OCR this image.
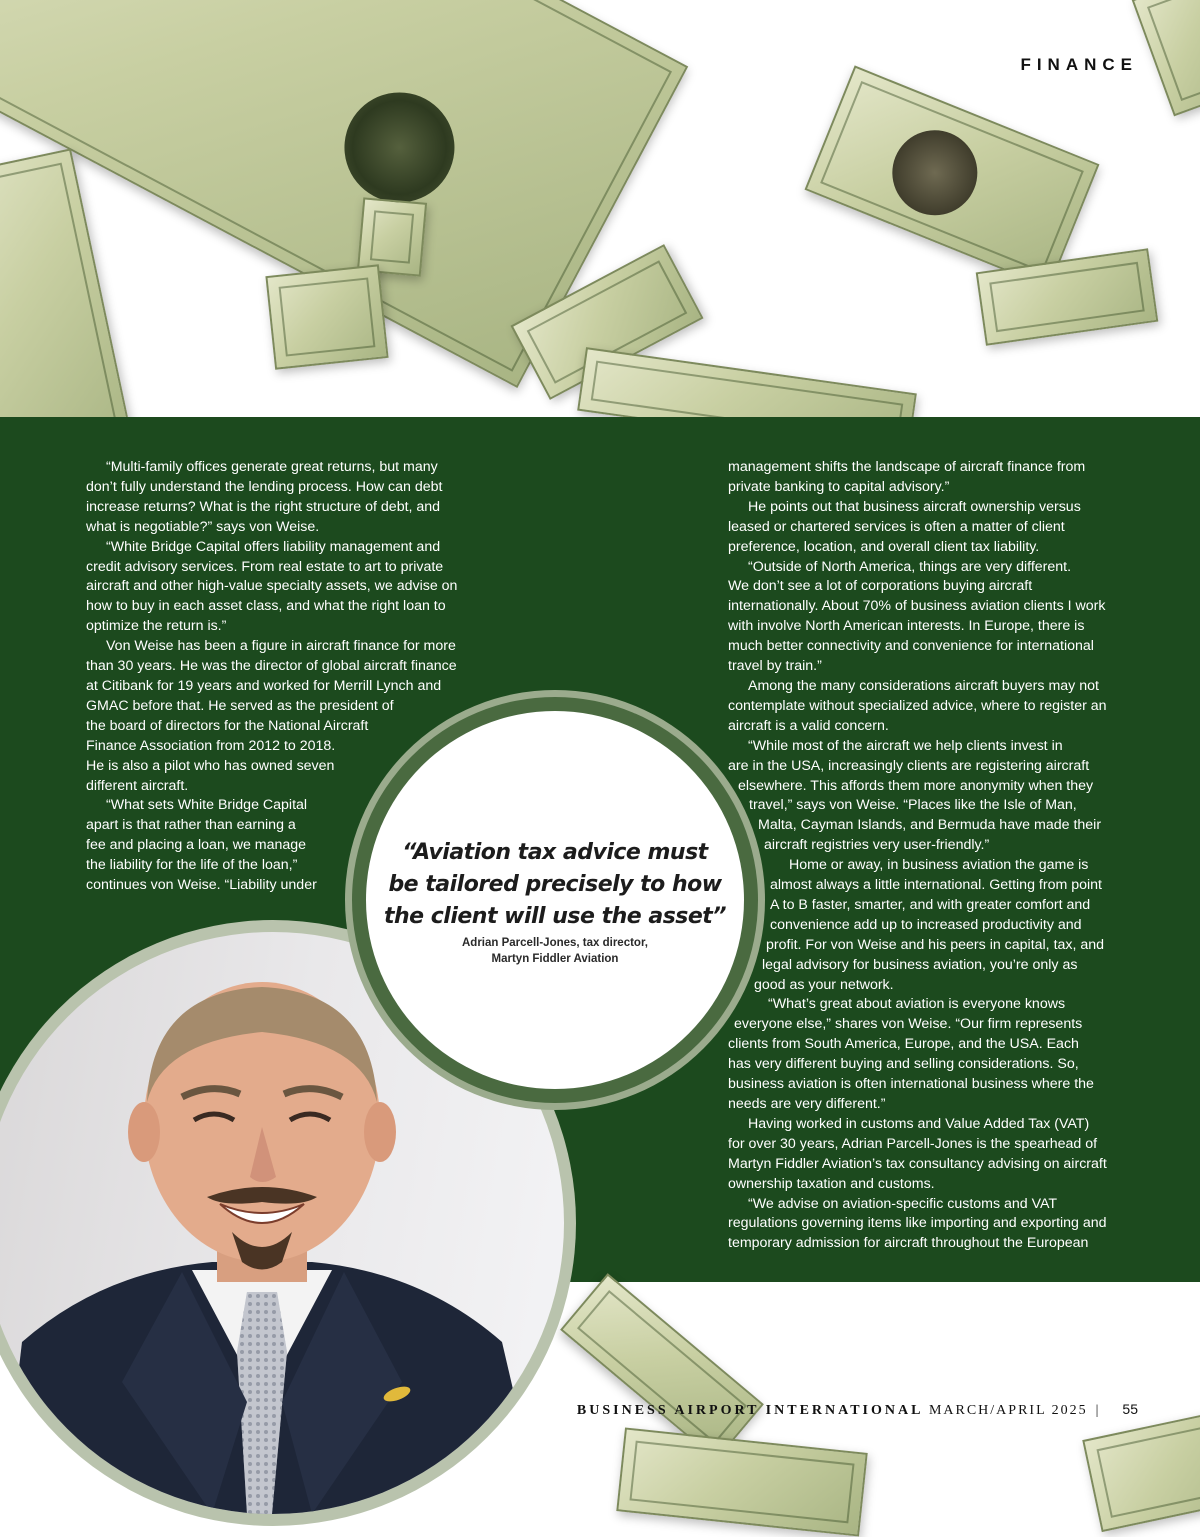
FINANCE
“Multi-family offices generate great returns, but many
don’t fully understand the lending process. How can debt
increase returns? What is the right structure of debt, and
what is negotiable?” says von Weise.
“White Bridge Capital offers liability management and
credit advisory services. From real estate to art to private
aircraft and other high-value specialty assets, we advise on
how to buy in each asset class, and what the right loan to
optimize the return is.”
Von Weise has been a figure in aircraft finance for more
than 30 years. He was the director of global aircraft finance
at Citibank for 19 years and worked for Merrill Lynch and
GMAC before that. He served as the president of
the board of directors for the National Aircraft
Finance Association from 2012 to 2018.
He is also a pilot who has owned seven
different aircraft.
“What sets White Bridge Capital
apart is that rather than earning a
fee and placing a loan, we manage
the liability for the life of the loan,”
continues von Weise. “Liability under
management shifts the landscape of aircraft finance from
private banking to capital advisory.”
He points out that business aircraft ownership versus
leased or chartered services is often a matter of client
preference, location, and overall client tax liability.
“Outside of North America, things are very different.
We don’t see a lot of corporations buying aircraft
internationally. About 70% of business aviation clients I work
with involve North American interests. In Europe, there is
much better connectivity and convenience for international
travel by train.”
Among the many considerations aircraft buyers may not
contemplate without specialized advice, where to register an
aircraft is a valid concern.
“While most of the aircraft we help clients invest in
are in the USA, increasingly clients are registering aircraft
elsewhere. This affords them more anonymity when they
travel,” says von Weise. “Places like the Isle of Man,
Malta, Cayman Islands, and Bermuda have made their
aircraft registries very user-friendly.”
Home or away, in business aviation the game is
almost always a little international. Getting from point
A to B faster, smarter, and with greater comfort and
convenience add up to increased productivity and
profit. For von Weise and his peers in capital, tax, and
legal advisory for business aviation, you’re only as
good as your network.
“What’s great about aviation is everyone knows
everyone else,” shares von Weise. “Our firm represents
clients from South America, Europe, and the USA. Each
has very different buying and selling considerations. So,
business aviation is often international business where the
needs are very different.”
Having worked in customs and Value Added Tax (VAT)
for over 30 years, Adrian Parcell-Jones is the spearhead of
Martyn Fiddler Aviation’s tax consultancy advising on aircraft
ownership taxation and customs.
“We advise on aviation-specific customs and VAT
regulations governing items like importing and exporting and
temporary admission for aircraft throughout the European
“Aviation tax advice must
be tailored precisely to how
the client will use the asset”
Adrian Parcell-Jones, tax director,
Martyn Fiddler Aviation
BUSINESS AIRPORT INTERNATIONAL MARCH/APRIL 2025 | 55
